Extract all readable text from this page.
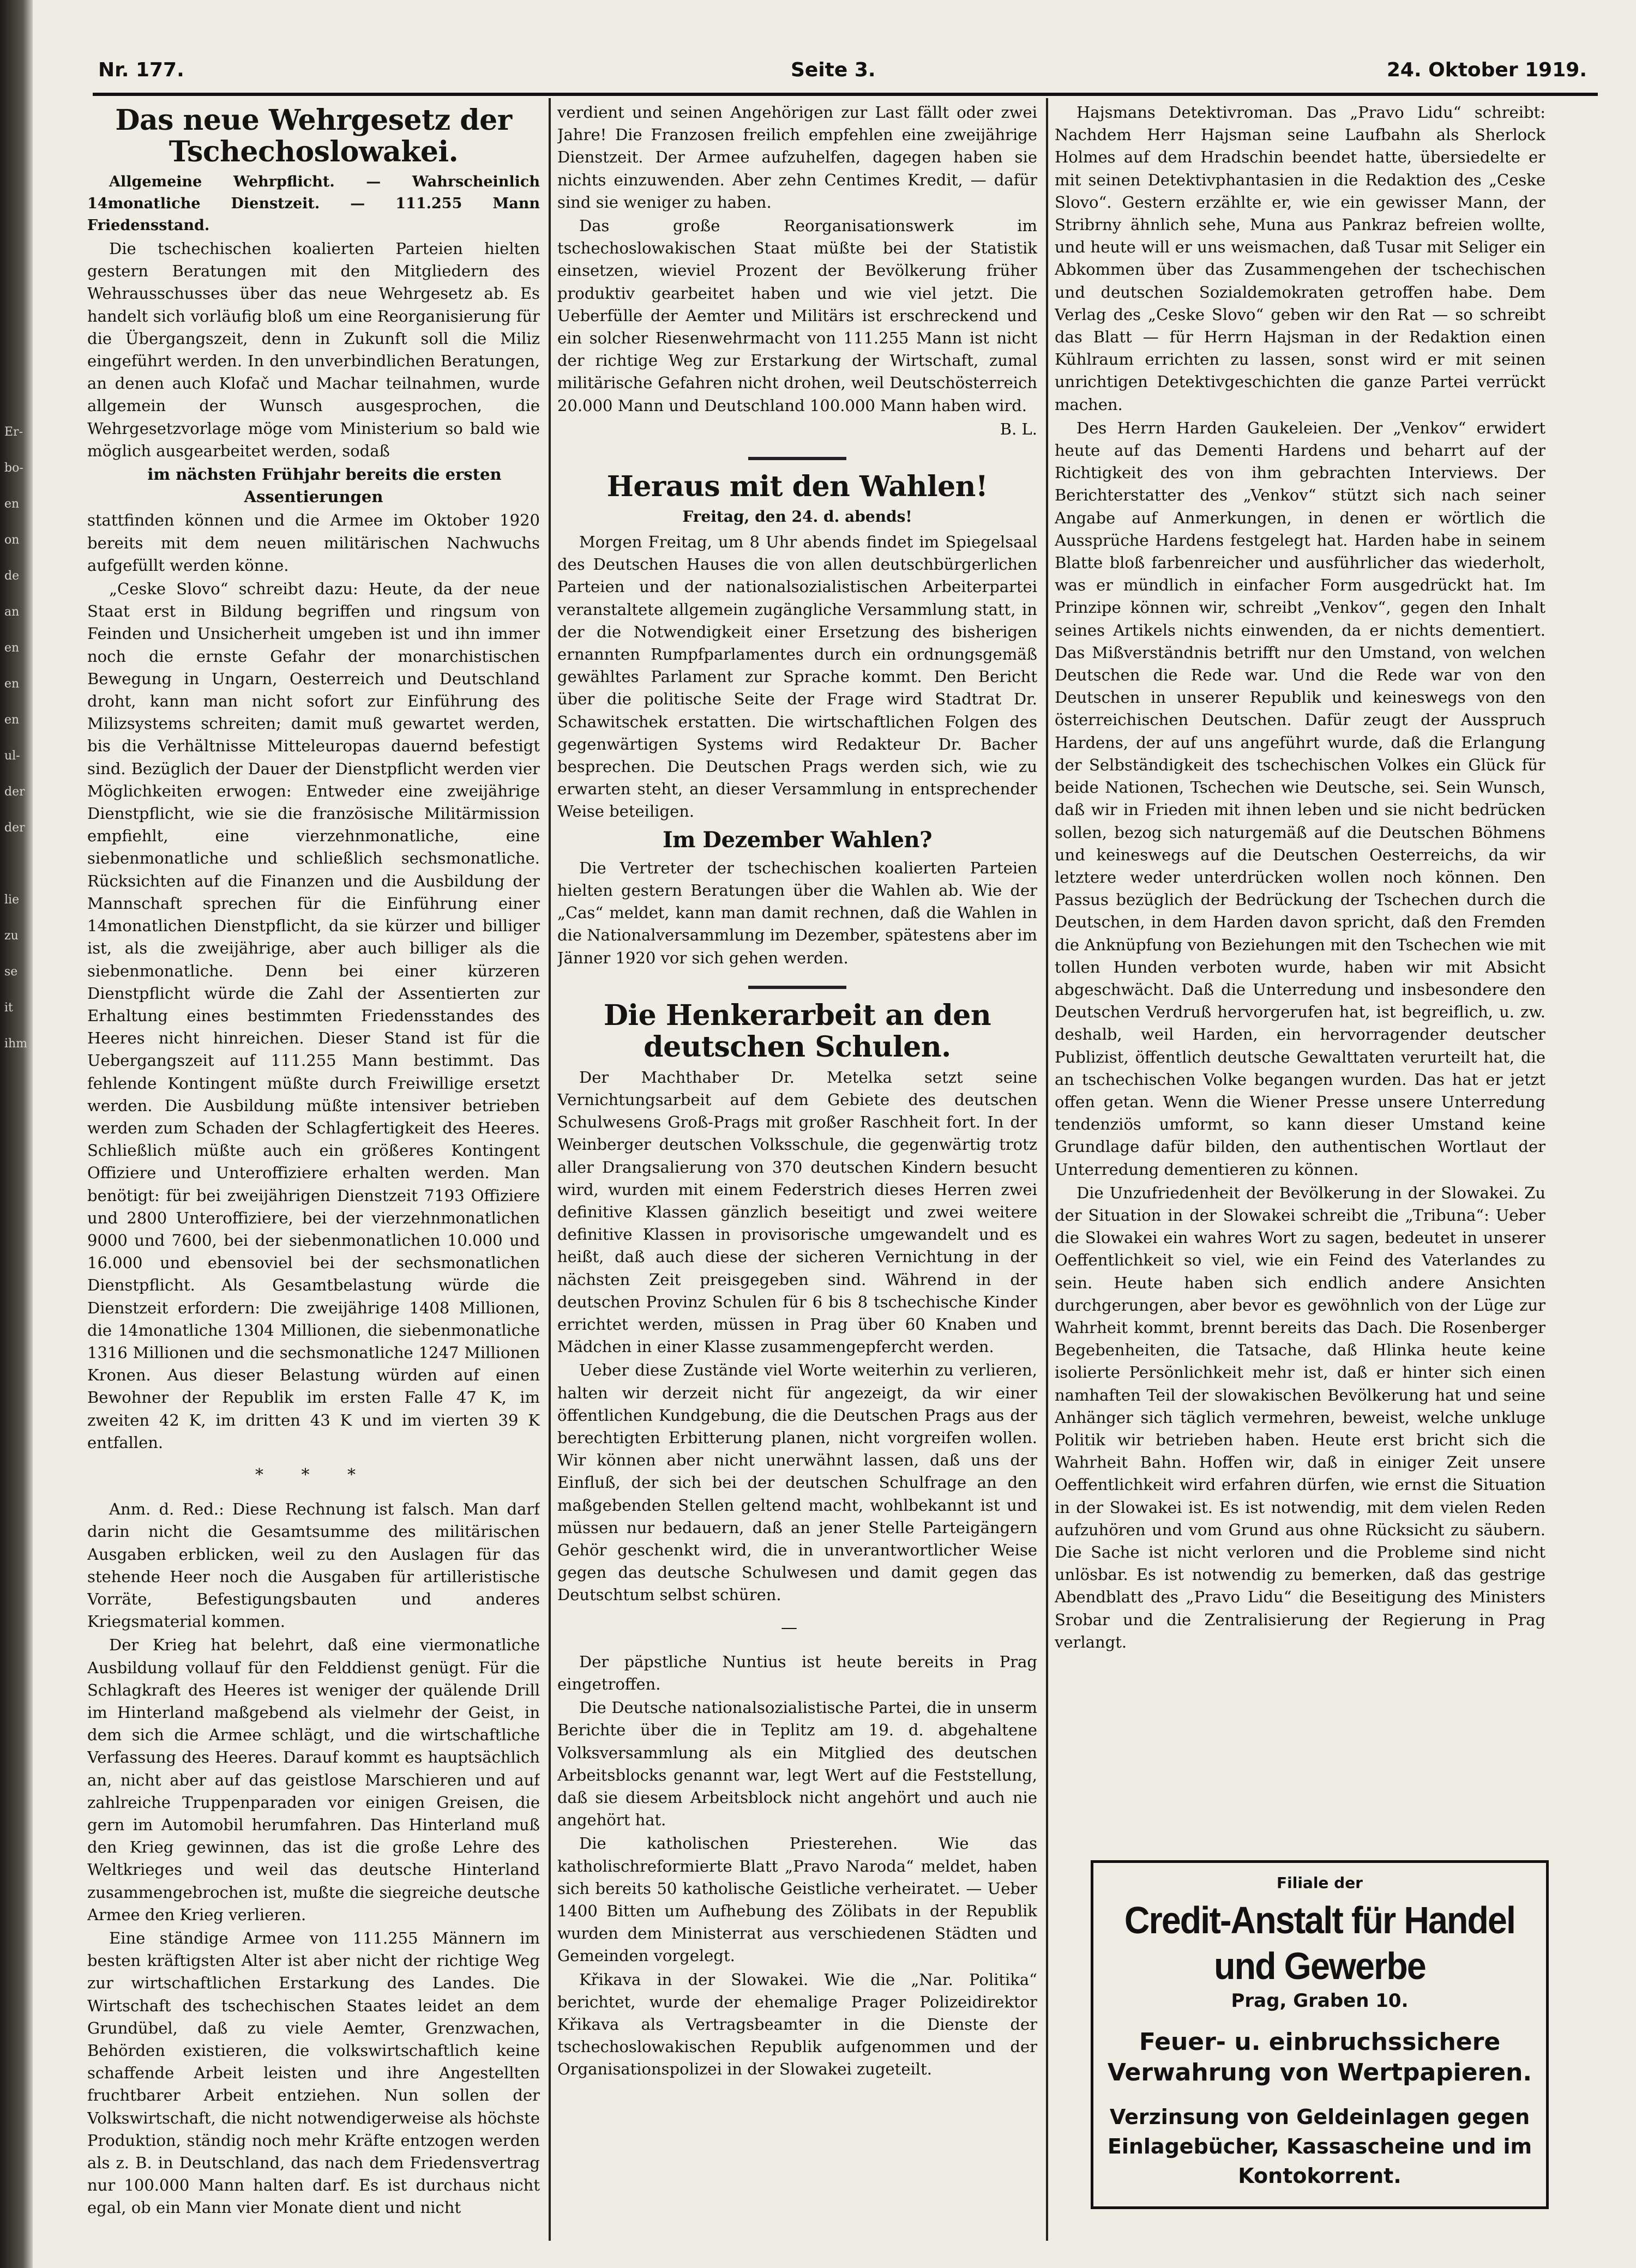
Er-
bo-
en
on
de
an
en
en
en
ul-
der
der

lie
zu
se
it
ihm
Nr. 177.	Seite 3.	24. Oktober 1919.
Das neue Wehrgesetz der Tschechoslowakei.

Allgemeine Wehrpflicht. — Wahrscheinlich 14monatliche Dienstzeit. — 111.255 Mann Friedensstand.

Die tschechischen koalierten Parteien hielten gestern Beratungen mit den Mitgliedern des Wehrausschusses über das neue Wehrgesetz ab. Es handelt sich vorläufig bloß um eine Reorganisierung für die Übergangszeit, denn in Zukunft soll die Miliz eingeführt werden. In den unverbindlichen Beratungen, an denen auch Klofač und Machar teilnahmen, wurde allgemein der Wunsch ausgesprochen, die Wehrgesetzvorlage möge vom Ministerium so bald wie möglich ausgearbeitet werden, sodaß

im nächsten Frühjahr bereits die ersten Assentierungen

stattfinden können und die Armee im Oktober 1920 bereits mit dem neuen militärischen Nachwuchs aufgefüllt werden könne.

„Ceske Slovo“ schreibt dazu: Heute, da der neue Staat erst in Bildung begriffen und ringsum von Feinden und Unsicherheit umgeben ist und ihn immer noch die ernste Gefahr der monarchistischen Bewegung in Ungarn, Oesterreich und Deutschland droht, kann man nicht sofort zur Einführung des Milizsystems schreiten; damit muß gewartet werden, bis die Verhältnisse Mitteleuropas dauernd befestigt sind. Bezüglich der Dauer der Dienstpflicht werden vier Möglichkeiten erwogen: Entweder eine zweijährige Dienstpflicht, wie sie die französische Militärmission empfiehlt, eine vierzehnmonatliche, eine siebenmonatliche und schließlich sechsmonatliche. Rücksichten auf die Finanzen und die Ausbildung der Mannschaft sprechen für die Einführung einer 14monatlichen Dienstpflicht, da sie kürzer und billiger ist, als die zweijährige, aber auch billiger als die siebenmonatliche. Denn bei einer kürzeren Dienstpflicht würde die Zahl der Assentierten zur Erhaltung eines bestimmten Friedensstandes des Heeres nicht hinreichen. Dieser Stand ist für die Uebergangszeit auf 111.255 Mann bestimmt. Das fehlende Kontingent müßte durch Freiwillige ersetzt werden. Die Ausbildung müßte intensiver betrieben werden zum Schaden der Schlagfertigkeit des Heeres. Schließlich müßte auch ein größeres Kontingent Offiziere und Unteroffiziere erhalten werden. Man benötigt: für bei zweijährigen Dienstzeit 7193 Offiziere und 2800 Unteroffiziere, bei der vierzehnmonatlichen 9000 und 7600, bei der siebenmonatlichen 10.000 und 16.000 und ebensoviel bei der sechsmonatlichen Dienstpflicht. Als Gesamtbelastung würde die Dienstzeit erfordern: Die zweijährige 1408 Millionen, die 14monatliche 1304 Millionen, die siebenmonatliche 1316 Millionen und die sechsmonatliche 1247 Millionen Kronen. Aus dieser Belastung würden auf einen Bewohner der Republik im ersten Falle 47 K, im zweiten 42 K, im dritten 43 K und im vierten 39 K entfallen.

* * *

Anm. d. Red.: Diese Rechnung ist falsch. Man darf darin nicht die Gesamtsumme des militärischen Ausgaben erblicken, weil zu den Auslagen für das stehende Heer noch die Ausgaben für artilleristische Vorräte, Befestigungsbauten und anderes Kriegsmaterial kommen.

Der Krieg hat belehrt, daß eine viermonatliche Ausbildung vollauf für den Felddienst genügt. Für die Schlagkraft des Heeres ist weniger der quälende Drill im Hinterland maßgebend als vielmehr der Geist, in dem sich die Armee schlägt, und die wirtschaftliche Verfassung des Heeres. Darauf kommt es hauptsächlich an, nicht aber auf das geistlose Marschieren und auf zahlreiche Truppenparaden vor einigen Greisen, die gern im Automobil herumfahren. Das Hinterland muß den Krieg gewinnen, das ist die große Lehre des Weltkrieges und weil das deutsche Hinterland zusammengebrochen ist, mußte die siegreiche deutsche Armee den Krieg verlieren.

Eine ständige Armee von 111.255 Männern im besten kräftigsten Alter ist aber nicht der richtige Weg zur wirtschaftlichen Erstarkung des Landes. Die Wirtschaft des tschechischen Staates leidet an dem Grundübel, daß zu viele Aemter, Grenzwachen, Behörden existieren, die volkswirtschaftlich keine schaffende Arbeit leisten und ihre Angestellten fruchtbarer Arbeit entziehen. Nun sollen der Volkswirtschaft, die nicht notwendigerweise als höchste Produktion, ständig noch mehr Kräfte entzogen werden als z. B. in Deutschland, das nach dem Friedensvertrag nur 100.000 Mann halten darf. Es ist durchaus nicht egal, ob ein Mann vier Monate dient und nicht

verdient und seinen Angehörigen zur Last fällt oder zwei Jahre! Die Franzosen freilich empfehlen eine zweijährige Dienstzeit. Der Armee aufzuhelfen, dagegen haben sie nichts einzuwenden. Aber zehn Centimes Kredit, — dafür sind sie weniger zu haben.

Das große Reorganisationswerk im tschechoslowakischen Staat müßte bei der Statistik einsetzen, wieviel Prozent der Bevölkerung früher produktiv gearbeitet haben und wie viel jetzt. Die Ueberfülle der Aemter und Militärs ist erschreckend und ein solcher Riesenwehrmacht von 111.255 Mann ist nicht der richtige Weg zur Erstarkung der Wirtschaft, zumal militärische Gefahren nicht drohen, weil Deutschösterreich 20.000 Mann und Deutschland 100.000 Mann haben wird.

B. L.

Heraus mit den Wahlen!
Freitag, den 24. d. abends!

Morgen Freitag, um 8 Uhr abends findet im Spiegelsaal des Deutschen Hauses die von allen deutschbürgerlichen Parteien und der nationalsozialistischen Arbeiterpartei veranstaltete allgemein zugängliche Versammlung statt, in der die Notwendigkeit einer Ersetzung des bisherigen ernannten Rumpfparlamentes durch ein ordnungsgemäß gewähltes Parlament zur Sprache kommt. Den Bericht über die politische Seite der Frage wird Stadtrat Dr. Schawitschek erstatten. Die wirtschaftlichen Folgen des gegenwärtigen Systems wird Redakteur Dr. Bacher besprechen. Die Deutschen Prags werden sich, wie zu erwarten steht, an dieser Versammlung in entsprechender Weise beteiligen.

Im Dezember Wahlen?

Die Vertreter der tschechischen koalierten Parteien hielten gestern Beratungen über die Wahlen ab. Wie der „Cas“ meldet, kann man damit rechnen, daß die Wahlen in die Nationalversammlung im Dezember, spätestens aber im Jänner 1920 vor sich gehen werden.

Die Henkerarbeit an den deutschen Schulen.

Der Machthaber Dr. Metelka setzt seine Vernichtungsarbeit auf dem Gebiete des deutschen Schulwesens Groß-Prags mit großer Raschheit fort. In der Weinberger deutschen Volksschule, die gegenwärtig trotz aller Drangsalierung von 370 deutschen Kindern besucht wird, wurden mit einem Federstrich dieses Herren zwei definitive Klassen gänzlich beseitigt und zwei weitere definitive Klassen in provisorische umgewandelt und es heißt, daß auch diese der sicheren Vernichtung in der nächsten Zeit preisgegeben sind. Während in der deutschen Provinz Schulen für 6 bis 8 tschechische Kinder errichtet werden, müssen in Prag über 60 Knaben und Mädchen in einer Klasse zusammengepfercht werden.

Ueber diese Zustände viel Worte weiterhin zu verlieren, halten wir derzeit nicht für angezeigt, da wir einer öffentlichen Kundgebung, die die Deutschen Prags aus der berechtigten Erbitterung planen, nicht vorgreifen wollen. Wir können aber nicht unerwähnt lassen, daß uns der Einfluß, der sich bei der deutschen Schulfrage an den maßgebenden Stellen geltend macht, wohlbekannt ist und müssen nur bedauern, daß an jener Stelle Parteigängern Gehör geschenkt wird, die in unverantwortlicher Weise gegen das deutsche Schulwesen und damit gegen das Deutschtum selbst schüren.

—

Der päpstliche Nuntius ist heute bereits in Prag eingetroffen.

Die Deutsche nationalsozialistische Partei, die in unserm Berichte über die in Teplitz am 19. d. abgehaltene Volksversammlung als ein Mitglied des deutschen Arbeitsblocks genannt war, legt Wert auf die Feststellung, daß sie diesem Arbeitsblock nicht angehört und auch nie angehört hat.

Die katholischen Priesterehen. Wie das katholischreformierte Blatt „Pravo Naroda“ meldet, haben sich bereits 50 katholische Geistliche verheiratet. — Ueber 1400 Bitten um Aufhebung des Zölibats in der Republik wurden dem Ministerrat aus verschiedenen Städten und Gemeinden vorgelegt.

Křikava in der Slowakei. Wie die „Nar. Politika“ berichtet, wurde der ehemalige Prager Polizeidirektor Křikava als Vertragsbeamter in die Dienste der tschechoslowakischen Republik aufgenommen und der Organisationspolizei in der Slowakei zugeteilt.

Hajsmans Detektivroman. Das „Pravo Lidu“ schreibt: Nachdem Herr Hajsman seine Laufbahn als Sherlock Holmes auf dem Hradschin beendet hatte, übersiedelte er mit seinen Detektivphantasien in die Redaktion des „Ceske Slovo“. Gestern erzählte er, wie ein gewisser Mann, der Stribrny ähnlich sehe, Muna aus Pankraz befreien wollte, und heute will er uns weismachen, daß Tusar mit Seliger ein Abkommen über das Zusammengehen der tschechischen und deutschen Sozialdemokraten getroffen habe. Dem Verlag des „Ceske Slovo“ geben wir den Rat — so schreibt das Blatt — für Herrn Hajsman in der Redaktion einen Kühlraum errichten zu lassen, sonst wird er mit seinen unrichtigen Detektivgeschichten die ganze Partei verrückt machen.

Des Herrn Harden Gaukeleien. Der „Venkov“ erwidert heute auf das Dementi Hardens und beharrt auf der Richtigkeit des von ihm gebrachten Interviews. Der Berichterstatter des „Venkov“ stützt sich nach seiner Angabe auf Anmerkungen, in denen er wörtlich die Aussprüche Hardens festgelegt hat. Harden habe in seinem Blatte bloß farbenreicher und ausführlicher das wiederholt, was er mündlich in einfacher Form ausgedrückt hat. Im Prinzipe können wir, schreibt „Venkov“, gegen den Inhalt seines Artikels nichts einwenden, da er nichts dementiert. Das Mißverständnis betrifft nur den Umstand, von welchen Deutschen die Rede war. Und die Rede war von den Deutschen in unserer Republik und keineswegs von den österreichischen Deutschen. Dafür zeugt der Ausspruch Hardens, der auf uns angeführt wurde, daß die Erlangung der Selbständigkeit des tschechischen Volkes ein Glück für beide Nationen, Tschechen wie Deutsche, sei. Sein Wunsch, daß wir in Frieden mit ihnen leben und sie nicht bedrücken sollen, bezog sich naturgemäß auf die Deutschen Böhmens und keineswegs auf die Deutschen Oesterreichs, da wir letztere weder unterdrücken wollen noch können. Den Passus bezüglich der Bedrückung der Tschechen durch die Deutschen, in dem Harden davon spricht, daß den Fremden die Anknüpfung von Beziehungen mit den Tschechen wie mit tollen Hunden verboten wurde, haben wir mit Absicht abgeschwächt. Daß die Unterredung und insbesondere den Deutschen Verdruß hervorgerufen hat, ist begreiflich, u. zw. deshalb, weil Harden, ein hervorragender deutscher Publizist, öffentlich deutsche Gewalttaten verurteilt hat, die an tschechischen Volke begangen wurden. Das hat er jetzt offen getan. Wenn die Wiener Presse unsere Unterredung tendenziös umformt, so kann dieser Umstand keine Grundlage dafür bilden, den authentischen Wortlaut der Unterredung dementieren zu können.

Die Unzufriedenheit der Bevölkerung in der Slowakei. Zu der Situation in der Slowakei schreibt die „Tribuna“: Ueber die Slowakei ein wahres Wort zu sagen, bedeutet in unserer Oeffentlichkeit so viel, wie ein Feind des Vaterlandes zu sein. Heute haben sich endlich andere Ansichten durchgerungen, aber bevor es gewöhnlich von der Lüge zur Wahrheit kommt, brennt bereits das Dach. Die Rosenberger Begebenheiten, die Tatsache, daß Hlinka heute keine isolierte Persönlichkeit mehr ist, daß er hinter sich einen namhaften Teil der slowakischen Bevölkerung hat und seine Anhänger sich täglich vermehren, beweist, welche unkluge Politik wir betrieben haben. Heute erst bricht sich die Wahrheit Bahn. Hoffen wir, daß in einiger Zeit unsere Oeffentlichkeit wird erfahren dürfen, wie ernst die Situation in der Slowakei ist. Es ist notwendig, mit dem vielen Reden aufzuhören und vom Grund aus ohne Rücksicht zu säubern. Die Sache ist nicht verloren und die Probleme sind nicht unlösbar. Es ist notwendig zu bemerken, daß das gestrige Abendblatt des „Pravo Lidu“ die Beseitigung des Ministers Srobar und die Zentralisierung der Regierung in Prag verlangt.

Filiale der
Credit-Anstalt für Handel und Gewerbe
Prag, Graben 10.
Feuer- u. einbruchssichere Verwahrung von Wertpapieren.
Verzinsung von Geldeinlagen gegen Einlagebücher, Kassascheine und im Kontokorrent.
